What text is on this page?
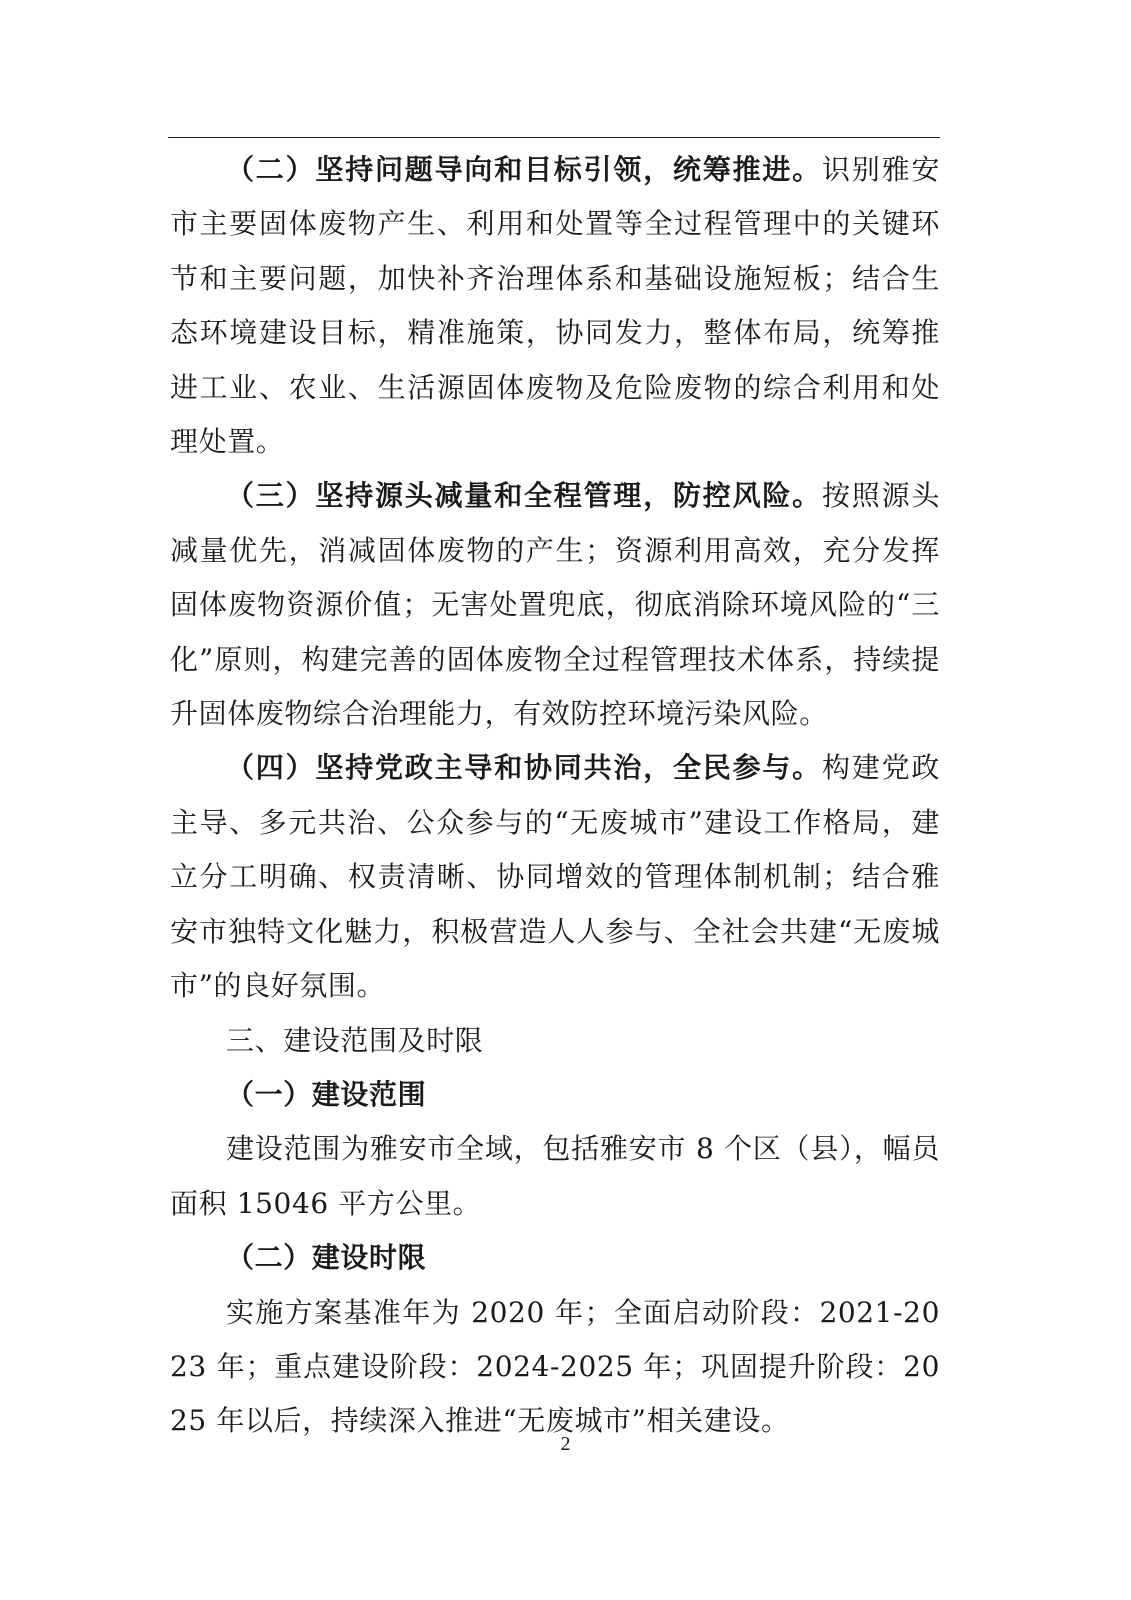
（二）坚持问题导向和目标引领，统筹推进。识别雅安市主要固体废物产生、利用和处置等全过程管理中的关键环节和主要问题，加快补齐治理体系和基础设施短板；结合生态环境建设目标，精准施策，协同发力，整体布局，统筹推进工业、农业、生活源固体废物及危险废物的综合利用和处理处置。

（三）坚持源头减量和全程管理，防控风险。按照源头减量优先，消减固体废物的产生；资源利用高效，充分发挥固体废物资源价值；无害处置兜底，彻底消除环境风险的“三化”原则，构建完善的固体废物全过程管理技术体系，持续提升固体废物综合治理能力，有效防控环境污染风险。

（四）坚持党政主导和协同共治，全民参与。构建党政主导、多元共治、公众参与的“无废城市”建设工作格局，建立分工明确、权责清晰、协同增效的管理体制机制；结合雅安市独特文化魅力，积极营造人人参与、全社会共建“无废城市”的良好氛围。

三、建设范围及时限

（一）建设范围

建设范围为雅安市全域，包括雅安市 8 个区（县），幅员面积 15046 平方公里。

（二）建设时限

实施方案基准年为 2020 年；全面启动阶段：2021-2023 年；重点建设阶段：2024-2025 年；巩固提升阶段：2025 年以后，持续深入推进“无废城市”相关建设。

2
